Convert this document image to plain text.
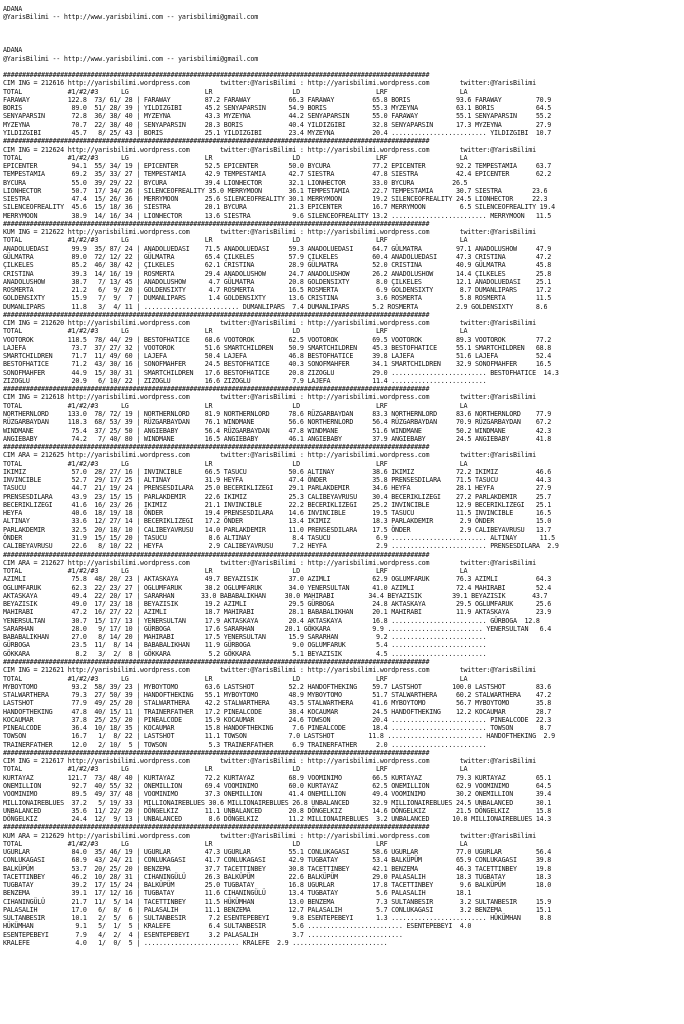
ADANA
@YarisBilimi -- http://www.yarisbilimi.com -- yarisbilimi@gmail.com

ADANA
@YarisBilimi -- http://www.yarisbilimi.com -- yarisbilimi@gmail.com

################################################################################################################
CIM ING = 212616 http://yarisbilimi.wordpress.com        twitter:@YarisBilimi : http://yarisbilimi.wordpress.com        twitter:@YarisBilimi
TOTAL            #1/#2/#3      LG                    LR                     LD                    LRF                   LA
FARAWAY          122.8  73/ 61/ 28 | FARAWAY         87.2 FARAWAY          66.3 FARAWAY          65.8 BORIS            93.6 FARAWAY         70.9
BORIS             89.0  51/ 28/ 39 | YILDIZGIBI      45.2 SENYAPARSIN      54.9 BORIS            55.3 MYZEYNA          63.1 BORIS           64.5
SENYAPARSIN       72.8  36/ 38/ 40 | MYZEYNA         43.3 MYZEYNA          44.2 SENYAPARSIN      55.0 FARAWAY          55.1 SENYAPARSIN     55.2
MYZEYNA           70.7  22/ 38/ 40 | SENYAPARSIN     28.3 BORIS            40.4 YILDIZGIBI       32.8 SENYAPARSIN      17.3 MYZEYNA         27.9
YILDIZGIBI        45.7   8/ 25/ 43 | BORIS           25.1 YILDIZGIBI       23.4 MYZEYNA          20.4 ......................... YILDIZGIBI  10.7
################################################################################################################
CIM ING = 212624 http://yarisbilimi.wordpress.com        twitter:@YarisBilimi : http://yarisbilimi.wordpress.com        twitter:@YarisBilimi
TOTAL            #1/#2/#3      LG                    LR                     LD                    LRF                   LA
EPICENTER         94.1  55/ 34/ 19 | EPICENTER       52.5 EPICENTER        50.0 BYCURA           77.2 EPICENTER        92.2 TEMPESTAMIA     63.7
TEMPESTAMIA       69.2  35/ 33/ 27 | TEMPESTAMIA     42.9 TEMPESTAMIA      42.7 SIESTRA          47.8 SIESTRA          42.4 EPICENTER       62.2
BYCURA            55.0  39/ 29/ 22 | BYCURA          39.4 LIONHECTOR       32.1 LIONHECTOR       33.0 BYCURA          26.5
LIONHECTOR        50.7  17/ 34/ 26 | SILENCEOFREALITY 35.0 MERRYMOON       36.1 TEMPESTAMIA      22.7 TEMPESTAMIA      30.7 SIESTRA        23.6
SIESTRA           47.4  15/ 26/ 36 | MERRYMOON       25.6 SILENCEOFREALITY 30.1 MERRYMOON        19.2 SILENCEOFREALITY 24.5 LIONHECTOR     22.3
SILENCEOFREALITY  45.6  15/ 18/ 36 | SIESTRA         20.1 BYCURA           21.3 EPICENTER        16.7 MERRYMOON         6.5 SILENCEOFREALITY 19.4
MERRYMOON         38.9  14/ 16/ 34 | LIONHECTOR      13.6 SIESTRA           9.6 SILENCEOFREALITY 13.2 ......................... MERRYMOON   11.5
################################################################################################################
KUM ING = 212622 http://yarisbilimi.wordpress.com        twitter:@YarisBilimi : http://yarisbilimi.wordpress.com        twitter:@YarisBilimi
TOTAL            #1/#2/#3      LG                    LR                     LD                    LRF                   LA
ANADOLUEDASI      99.9  35/ 87/ 24 | ANADOLUEDASI    71.5 ANADOLUEDASI     59.3 ANADOLUEDASI     64.7 GÜLMATRA         97.1 ANADOLUSHOW     47.9
GÜLMATRA          89.0  72/ 12/ 22 | GÜLMATRA        65.4 ÇILKELES         57.9 ÇILKELES         60.4 ANADOLUEDASI     47.3 CRISTINA        47.2
ÇILKELES          85.2  46/ 38/ 42 | ÇILKELES        62.1 CRISTINA         28.9 GÜLMATRA         52.0 CRISTINA         40.9 GÜLMATRA        45.8
CRISTINA          39.3  14/ 16/ 19 | ROSMERTA        29.4 ANADOLUSHOW      24.7 ANADOLUSHOW      26.2 ANADOLUSHOW      14.4 ÇILKELES        25.8
ANADOLUSHOW       38.7   7/ 13/ 45 | ANADOLUSHOW      4.7 GÜLMATRA         20.8 GOLDENSIXTY       8.0 ÇILKELES         12.1 ANADOLUEDASI    25.1
ROSMERTA          21.2   6/  9/ 20 | GOLDENSIXTY      4.7 ROSMERTA         16.5 ROSMERTA          6.9 GOLDENSIXTY       8.7 DUMANLIPARS     17.2
GOLDENSIXTY       15.9   7/  9/  7 | DUMANLIPARS      1.4 GOLDENSIXTY      13.6 CRISTINA          3.6 ROSMERTA          5.8 ROSMERTA        11.5
DUMANLIPARS       11.8   3/  4/ 11 | ......................... DUMANLIPARS  7.4 DUMANLIPARS      5.2 ROSMERTA          2.9 GOLDENSIXTY      8.6
################################################################################################################
CIM ING = 212620 http://yarisbilimi.wordpress.com        twitter:@YarisBilimi : http://yarisbilimi.wordpress.com        twitter:@YarisBilimi
TOTAL            #1/#2/#3      LG                    LR                     LD                    LRF                   LA
VOOTOROK         118.5  78/ 44/ 29 | BESTOFHATICE    68.6 VOOTOROK         62.5 VOOTOROK         69.5 VOOTOROK         89.3 VOOTOROK        77.2
LAJEFA            73.7  37/ 27/ 32 | VOOTOROK        51.6 SMARTCHILDREN    50.9 SMARTCHILDREN    45.3 BESTOFHATICE     55.1 SMARTCHILDREN   68.8
SMARTCHILDREN     71.7  11/ 49/ 60 | LAJEFA          50.4 LAJEFA           46.8 BESTOFHATICE     39.8 LAJEFA           51.6 LAJEFA          52.4
BESTOFHATICE      71.2  43/ 30/ 16 | SONOFMAHFER     24.5 BESTOFHATICE     40.3 SONOFMAHFER      34.1 SMARTCHILDREN    32.9 SONOFMAHFER     16.5
SONOFMAHFER       44.9  15/ 30/ 31 | SMARTCHILDREN   17.6 BESTOFHATICE     20.8 ZIZOGLU          29.0 ......................... BESTOFHATICE  14.3
ZIZOGLU           20.9   6/ 10/ 22 | ZIZOGLU         16.6 ZIZOGLU           7.9 LAJEFA           11.4 .........................
################################################################################################################
CIM ING = 212618 http://yarisbilimi.wordpress.com        twitter:@YarisBilimi : http://yarisbilimi.wordpress.com        twitter:@YarisBilimi
TOTAL            #1/#2/#3      LG                    LR                     LD                    LRF                   LA
NORTHERNLORD     133.0  78/ 72/ 19 | NORTHERNLORD    81.9 NORTHERNLORD     78.6 RÜZGARBAYDAN     83.3 NORTHERNLORD     83.6 NORTHERNLORD    77.9
RÜZGARBAYDAN     118.3  68/ 53/ 39 | RÜZGARBAYDAN    76.1 WINDMANE         56.6 NORTHERNLORD     56.4 RÜZGARBAYDAN     70.9 RÜZGARBAYDAN    67.2
WINDMANE          75.4  37/ 25/ 50 | ANGIEBABY       56.4 RÜZGARBAYDAN     47.8 WINDMANE         51.6 WINDMANE         50.2 WINDMANE        42.3
ANGIEBABY         74.2   7/ 40/ 80 | WINDMANE        16.5 ANGIEBABY        46.1 ANGIEBABY        37.9 ANGIEBABY        24.5 ANGIEBABY       41.8
################################################################################################################
CIM ARA = 212625 http://yarisbilimi.wordpress.com        twitter:@YarisBilimi : http://yarisbilimi.wordpress.com        twitter:@YarisBilimi
TOTAL            #1/#2/#3      LG                    LR                     LD                    LRF                   LA
IKIMIZ            57.0  28/ 27/ 16 | INVINCIBLE      66.5 TASUCU           50.6 ALTINAY          38.6 IKIMIZ           72.2 IKIMIZ          46.6
INVINCIBLE        52.7  29/ 17/ 25 | ALTINAY         31.9 HEYFA            47.4 ÖNDER            35.8 PRENSESDILARA    71.5 TASUCU          44.3
TASUCU            44.7  21/ 19/ 24 | PRENSESDILARA   25.0 BECERIKLIZEGI    29.1 PARLAKDEMIR      34.6 HEYFA            28.1 HEYFA           27.9
PRENSESDILARA     43.9  23/ 15/ 15 | PARLAKDEMIR     22.6 IKIMIZ           25.3 CALIBEYAVRUSU    30.4 BECERIKLIZEGI    27.2 PARLAKDEMIR     25.7
BECERIKLIZEGI     41.6  16/ 23/ 26 | IKIMIZ          21.1 INVINCIBLE       22.2 BECERIKLIZEGI    25.2 INVINCIBLE       12.9 BECERIKLIZEGI   25.1
HEYFA             40.6  18/ 19/ 18 | ÖNDER           19.4 PRENSESDILARA    14.6 INVINCIBLE       19.5 TASUCU           11.5 INVINCIBLE      16.5
ALTINAY           33.6  12/ 27/ 14 | BECERIKLIZEGI   17.2 ÖNDER            13.4 IKIMIZ           18.3 PARLAKDEMIR       2.9 ÖNDER           15.0
PARLAKDEMIR       32.5  20/ 18/ 10 | CALIBEYAVRUSU   14.0 PARLAKDEMIR      11.0 PRENSESDILARA    17.5 ÖNDER             2.9 CALIBEYAVRUSU   13.7
ÖNDER             31.9  15/ 15/ 20 | TASUCU           8.6 ALTINAY           8.4 TASUCU            6.9 ......................... ALTINAY      11.5
CALIBEYAVRUSU     22.6   8/ 10/ 22 | HEYFA            2.9 CALIBEYAVRUSU     7.2 HEYFA             2.9 ......................... PRENSESDILARA  2.9
################################################################################################################
CIM ARA = 212627 http://yarisbilimi.wordpress.com        twitter:@YarisBilimi : http://yarisbilimi.wordpress.com        twitter:@YarisBilimi
TOTAL            #1/#2/#3      LG                    LR                     LD                    LRF                   LA
AZIMLI            75.8  48/ 20/ 23 | AKTASKAYA       49.7 BEYAZISIK        37.0 AZIMLI           62.9 OGLUMFARUK       76.3 AZIMLI          64.3
OGLUMFARUK        62.3  22/ 23/ 27 | OGLUMFARUK      38.2 OGLUMFARUK       34.0 YENERSULTAN      41.0 AZIMLI           72.4 MAHIRABI        52.4
AKTASKAYA         49.4  22/ 20/ 17 | SARARHAN       33.0 BABABALIKHAN     30.0 MAHIRABI         34.4 BEYAZISIK        39.1 BEYAZISIK       43.7
BEYAZISIK         49.0  17/ 23/ 18 | BEYAZISIK       19.2 AZIMLI           29.5 GÜRBOGA          24.8 AKTASKAYA        29.5 OGLUMFARUK      25.6
MAHIRABI          47.2  16/ 27/ 22 | AZIMLI          18.7 MAHIRABI         28.1 BABABALIKHAN     20.1 MAHIRABI         11.9 AKTASKAYA       23.9
YENERSULTAN       30.7  15/ 17/ 13 | YENERSULTAN     17.9 AKTASKAYA        20.4 AKTASKAYA        16.8 ......................... GÜRBOGA  12.8
SARARHAN          28.0   9/ 17/ 10 | GÜRBOGA         17.6 SARARHAN        20.1 GÖKKARA           9.9 ......................... YENERSULTAN   6.4
BABABALIKHAN      27.0   8/ 14/ 20 | MAHIRABI        17.5 YENERSULTAN      15.9 SARARHAN          9.2 .........................
GÜRBOGA           23.5  11/  8/ 14 | BABABALIKHAN    11.9 GÜRBOGA           9.0 OGLUMFARUK        5.4 .........................
GÖKKARA            8.2   3/  2/  8 | GÖKKARA          5.2 GÖKKARA           5.1 BEYAZISIK         4.5 .........................
################################################################################################################
CIM ING = 212621 http://yarisbilimi.wordpress.com        twitter:@YarisBilimi : http://yarisbilimi.wordpress.com        twitter:@YarisBilimi
TOTAL            #1/#2/#3      LG                    LR                     LD                    LRF                   LA
MYBOYTOMO         93.2  58/ 39/ 23 | MYBOYTOMO       63.6 LASTSHOT         52.2 HANDOFTHEKING    59.7 LASTSHOT        100.0 LASTSHOT        83.6
STALWARTHERA      79.3  27/ 50/ 39 | HANDOFTHEKING   55.1 MYBOYTOMO        48.9 MYBOYTOMO        51.7 STALWARTHERA     60.2 STALWARTHERA    47.2
LASTSHOT          77.9  49/ 25/ 20 | STALWARTHERA    42.2 STALWARTHERA     43.5 STALWARTHERA     41.6 MYBOYTOMO        56.7 MYBOYTOMO       35.8
HANDOFTHEKING     47.8  40/ 15/ 11 | TRAINERFATHER   17.2 PINEALCODE       38.4 KOCAUMAR         24.5 HANDOFTHEKING    12.2 KOCAUMAR        28.7
KOCAUMAR          37.8  25/ 25/ 20 | PINEALCODE      15.9 KOCAUMAR         24.6 TOWSON           20.4 ......................... PINEALCODE  22.3
PINEALCODE        36.4  10/ 18/ 35 | KOCAUMAR        15.8 HANDOFTHEKING     7.6 PINEALCODE       18.4 ......................... TOWSON       8.7
TOWSON            16.7   1/  8/ 22 | LASTSHOT        11.1 TOWSON           7.0 LASTSHOT         11.8 ......................... HANDOFTHEKING  2.9
TRAINERFATHER     12.0   2/ 10/  5 | TOWSON           5.3 TRAINERFATHER     6.9 TRAINERFATHER     2.0 .........................
################################################################################################################
CIM ING = 212617 http://yarisbilimi.wordpress.com        twitter:@YarisBilimi : http://yarisbilimi.wordpress.com        twitter:@YarisBilimi
TOTAL            #1/#2/#3      LG                    LR                     LD                    LRF                   LA
KURTAYAZ         121.7  73/ 48/ 40 | KURTAYAZ        72.2 KURTAYAZ         68.9 VOOMINIMO        66.5 KURTAYAZ         79.3 KURTAYAZ        65.1
ONEMILLION        92.7  40/ 55/ 32 | ONEMILLION      69.4 VOOMINIMO        60.0 KURTAYAZ         62.5 ONEMILLION       62.9 VOOMINIMO       64.5
VOOMINIMO         89.5  49/ 37/ 48 | VOOMINIMO       37.3 ONEMILLION       41.4 ONEMILLION       49.4 VOOMINIMO        30.2 ONEMILLION      39.4
MILLIONAIREBLUES  37.2   5/ 19/ 33 | MILLIONAIREBLUES 30.6 MILLIONAIREBLUES 26.8 UNBALANCED      32.9 MILLIONAIREBLUES 24.5 UNBALANCED      30.1
UNBALANCED        35.6  11/ 22/ 20 | DÖNGELKIZ       11.1 UNBALANCED       20.8 DÖNGELKIZ        14.6 DÖNGELKIZ        21.5 DÖNGELKIZ       15.8
DÖNGELKIZ         24.4  12/  9/ 13 | UNBALANCED       8.6 DÖNGELKIZ        11.2 MILLIONAIREBLUES  3.2 UNBALANCED      10.8 MILLIONAIREBLUES 14.3
################################################################################################################
KUM ARA = 212629 http://yarisbilimi.wordpress.com        twitter:@YarisBilimi : http://yarisbilimi.wordpress.com        twitter:@YarisBilimi
TOTAL            #1/#2/#3      LG                    LR                     LD                    LRF                   LA
UGURLAR           84.0  35/ 46/ 19 | UGURLAR         47.3 UGURLAR          55.1 CONLUKAGASI      58.6 UGURLAR          77.0 UGURLAR         56.4
CONLUKAGASI       68.9  43/ 24/ 21 | CONLUKAGASI     41.7 CONLUKAGASI      42.9 TUGBATAY         53.4 BALKÜPÜM         65.9 CONLUKAGASI     39.8
BALKÜPÜM          53.7  20/ 25/ 20 | BENZEMA         37.7 TACETTINBEY      30.8 TACETTINBEY      42.1 BENZEMA          46.3 TACETTINBEY     19.8
TACETTINBEY       46.2  10/ 28/ 31 | CIHANINGÜLÜ     26.3 BALKÜPÜM         22.6 BALKÜPÜM         29.0 PALASALIH        18.3 TUGBATAY        18.3
TUGBATAY          39.2  17/ 15/ 24 | BALKÜPÜM        25.0 TUGBATAY         16.8 UGURLAR          17.8 TACETTINBEY       9.6 BALKÜPÜM        18.0
BENZEMA           39.1  17/ 12/ 16 | TUGBATAY        11.6 CIHANINGÜLÜ      13.4 TUGBATAY          5.6 PALASALIH        18.1
CIHANINGÜLÜ       21.7  11/  5/ 14 | TACETTINBEY     11.5 HÜKÜMHAN         13.0 BENZEMA           7.3 SULTANBESIR       3.2 SULTANBESIR     15.9
PALASALIH         17.0   6/  8/  6 | PALASALIH       11.1 BENZEMA          12.7 PALASALIH         5.7 CONLUKAGASI       3.2 BENZEMA         15.1
SULTANBESIR       10.1   2/  5/  6 | SULTANBESIR      7.2 ESENTEPEBEYI      9.8 ESENTEPEBEYI      1.3 ......................... HÜKÜMHAN     8.8
HÜKÜMHAN           9.1   5/  1/  5 | KRALEFE          6.4 SULTANBESIR       5.6 ......................... ESENTEPEBEYI  4.0
ESENTEPEBEYI       7.9   4/  2/  4 | ESENTEPEBEYI     3.2 PALASALIH         3.7 .........................
KRALEFE            4.0   1/  0/  5 | ......................... KRALEFE  2.9 .........................
